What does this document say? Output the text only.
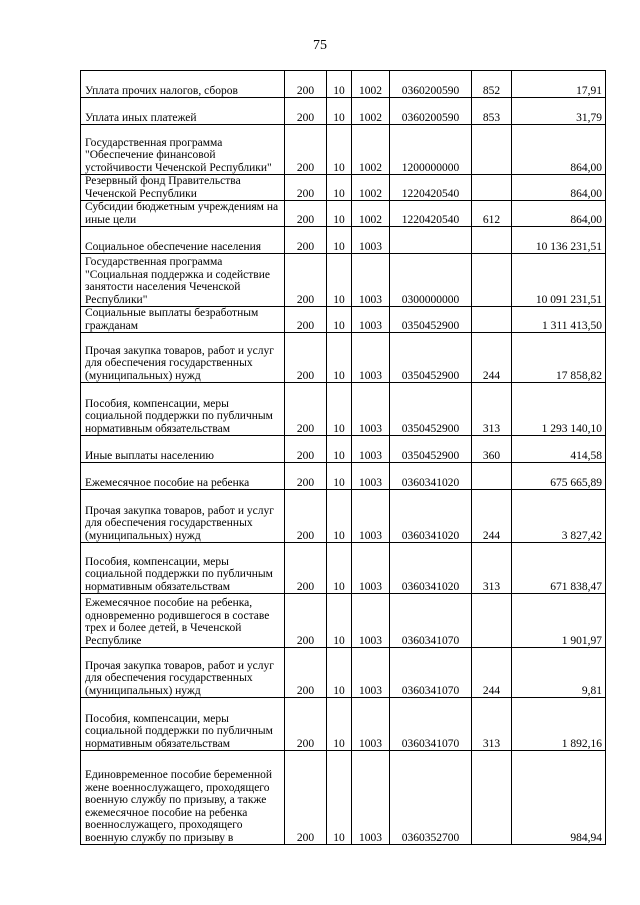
75
Уплата прочих налогов, сборов	200	10	1002	0360200590	852	17,91
Уплата иных платежей	200	10	1002	0360200590	853	31,79
Государственная программа "Обеспечение финансовой устойчивости Чеченской Республики"	200	10	1002	1200000000		864,00
Резервный фонд Правительства Чеченской Республики	200	10	1002	1220420540		864,00
Субсидии бюджетным учреждениям на иные цели	200	10	1002	1220420540	612	864,00
Социальное обеспечение населения	200	10	1003			10 136 231,51
Государственная программа "Социальная поддержка и содействие занятости населения Чеченской Республики"	200	10	1003	0300000000		10 091 231,51
Социальные выплаты безработным гражданам	200	10	1003	0350452900		1 311 413,50
Прочая закупка товаров, работ и услуг для обеспечения государственных (муниципальных) нужд	200	10	1003	0350452900	244	17 858,82
Пособия, компенсации, меры социальной поддержки по публичным нормативным обязательствам	200	10	1003	0350452900	313	1 293 140,10
Иные выплаты населению	200	10	1003	0350452900	360	414,58
Ежемесячное пособие на ребенка	200	10	1003	0360341020		675 665,89
Прочая закупка товаров, работ и услуг для обеспечения государственных (муниципальных) нужд	200	10	1003	0360341020	244	3 827,42
Пособия, компенсации, меры социальной поддержки по публичным нормативным обязательствам	200	10	1003	0360341020	313	671 838,47
Ежемесячное пособие на ребенка, одновременно родившегося в составе трех и более детей, в Чеченской Республике	200	10	1003	0360341070		1 901,97
Прочая закупка товаров, работ и услуг для обеспечения государственных (муниципальных) нужд	200	10	1003	0360341070	244	9,81
Пособия, компенсации, меры социальной поддержки по публичным нормативным обязательствам	200	10	1003	0360341070	313	1 892,16
Единовременное пособие беременной жене военнослужащего, проходящего военную службу по призыву, а также ежемесячное пособие на ребенка военнослужащего, проходящего военную службу по призыву в	200	10	1003	0360352700		984,94
